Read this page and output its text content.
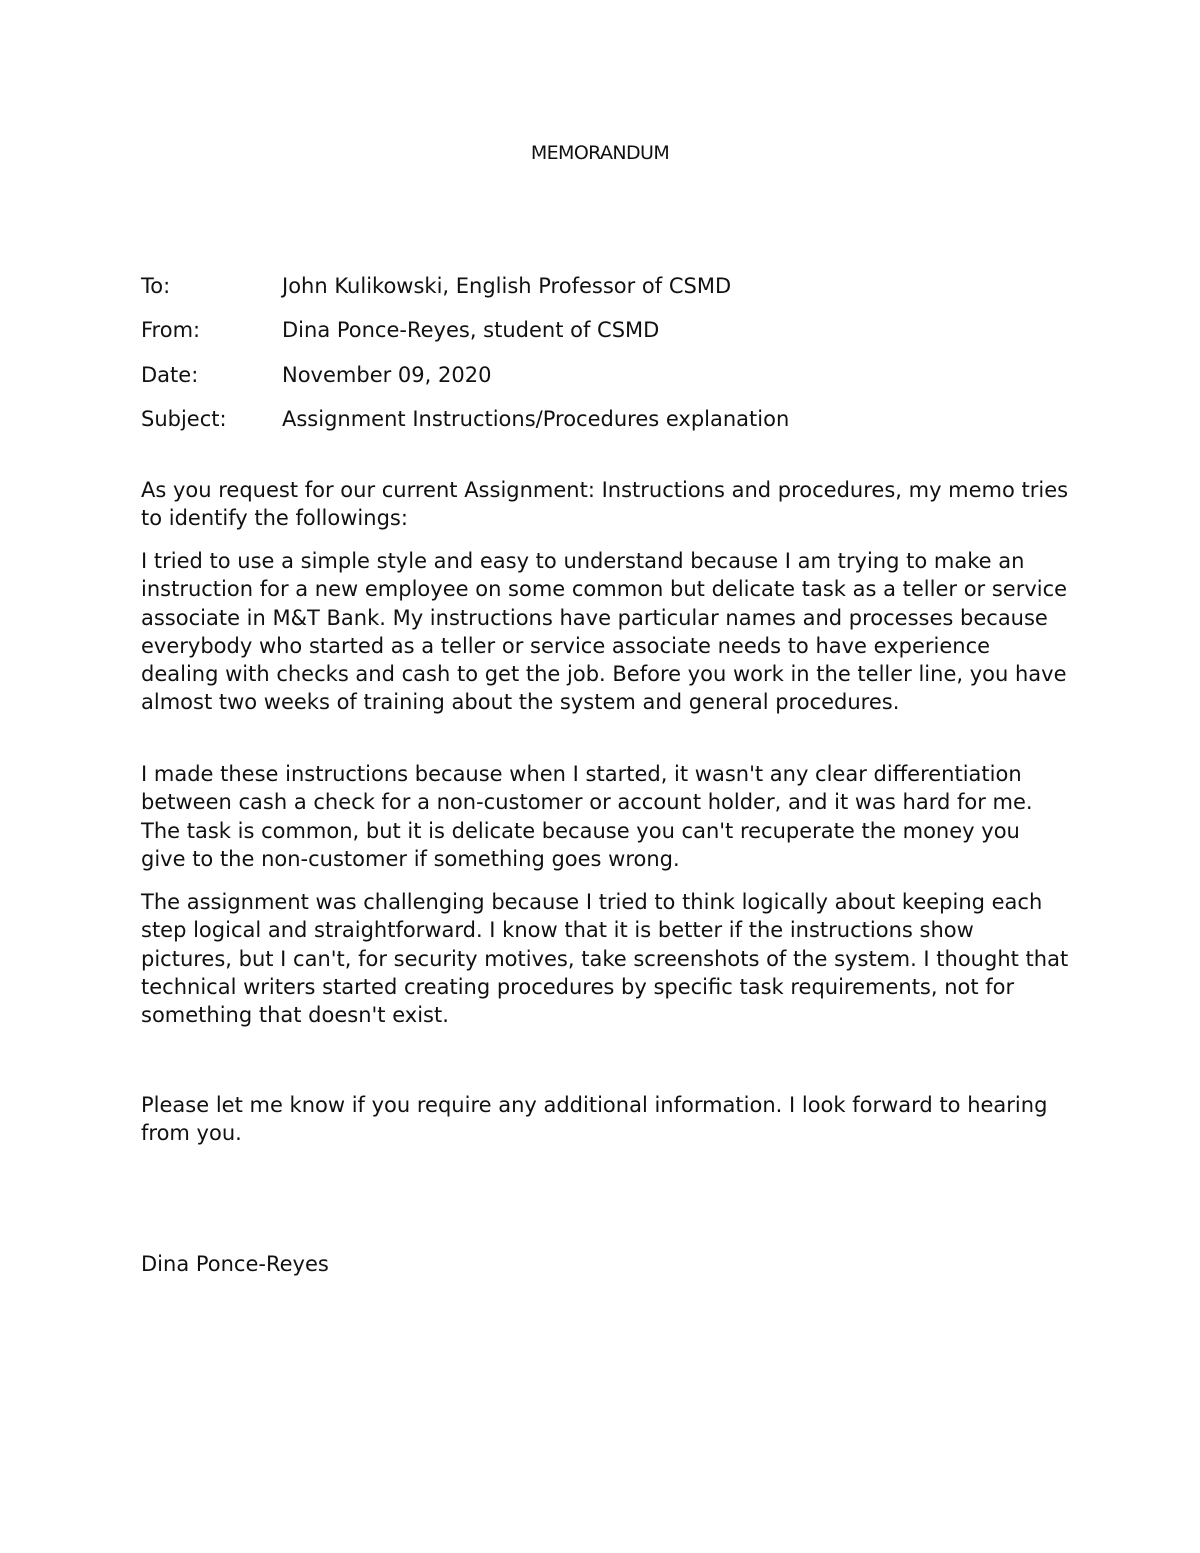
MEMORANDUM
To:	John Kulikowski, English Professor of CSMD
From:	Dina Ponce-Reyes, student of CSMD
Date:	November 09, 2020
Subject:	Assignment Instructions/Procedures explanation

As you request for our current Assignment: Instructions and procedures, my memo tries to identify the followings:

I tried to use a simple style and easy to understand because I am trying to make an instruction for a new employee on some common but delicate task as a teller or service associate in M&T Bank. My instructions have particular names and processes because everybody who started as a teller or service associate needs to have experience dealing with checks and cash to get the job. Before you work in the teller line, you have almost two weeks of training about the system and general procedures.

I made these instructions because when I started, it wasn't any clear differentiation between cash a check for a non-customer or account holder, and it was hard for me. The task is common, but it is delicate because you can't recuperate the money you give to the non-customer if something goes wrong.

The assignment was challenging because I tried to think logically about keeping each step logical and straightforward. I know that it is better if the instructions show pictures, but I can't, for security motives, take screenshots of the system. I thought that technical writers started creating procedures by specific task requirements, not for something that doesn't exist.

Please let me know if you require any additional information. I look forward to hearing from you.

Dina Ponce-Reyes
